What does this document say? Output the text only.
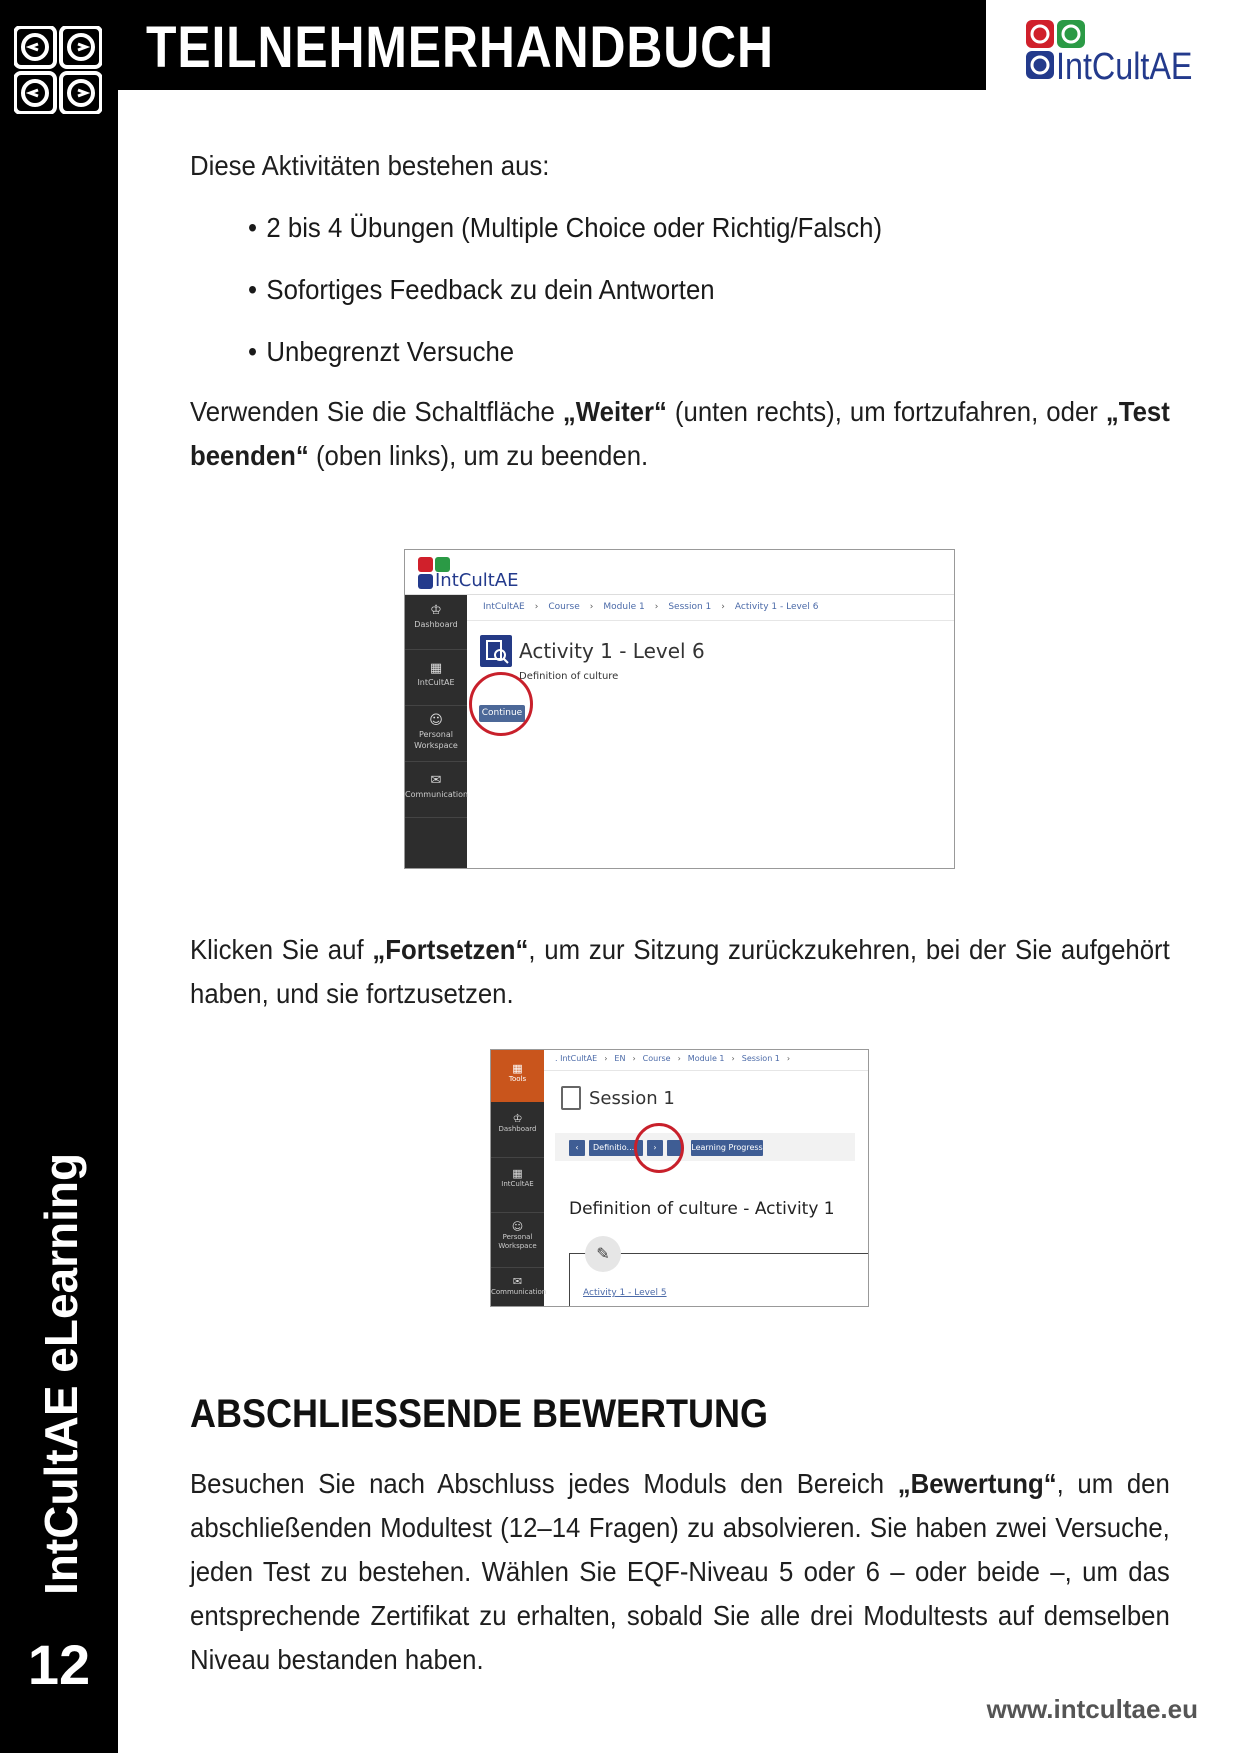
IntCultAE eLearning
12
TEILNEHMERHANDBUCH	IntCultAE
Diese Aktivitäten bestehen aus:
• 2 bis 4 Übungen (Multiple Choice oder Richtig/Falsch)
• Sofortiges Feedback zu dein Antworten
• Unbegrenzt Versuche
Verwenden Sie die Schaltfläche „Weiter“ (unten rechts), um fortzufahren, oder „Test beenden“ (oben links), um zu beenden.
IntCultAE
♔
Dashboard
▦
IntCultAE
☺
Personal Workspace
✉
Communication
IntCultAE › Course › Module 1 › Session 1 › Activity 1 - Level 6
Activity 1 - Level 6
Definition of culture
Continue
Klicken Sie auf „Fortsetzen“, um zur Sitzung zurückzukehren, bei der Sie aufgehört haben, und sie fortzusetzen.
▦
Tools
♔
Dashboard
▦
IntCultAE
☺
Personal Workspace
✉
Communication
. IntCultAE › EN › Course › Module 1 › Session 1 ›
Session 1
‹	Definitio...	›	Learning Progress
Definition of culture - Activity 1
✎
Activity 1 - Level 5
ABSCHLIESSENDE BEWERTUNG
Besuchen Sie nach Abschluss jedes Moduls den Bereich „Bewertung“, um den abschließenden Modultest (12–14 Fragen) zu absolvieren. Sie haben zwei Versuche, jeden Test zu bestehen. Wählen Sie EQF-Niveau 5 oder 6 – oder beide –, um das entsprechende Zertifikat zu erhalten, sobald Sie alle drei Modultests auf demselben Niveau bestanden haben.
www.intcultae.eu
